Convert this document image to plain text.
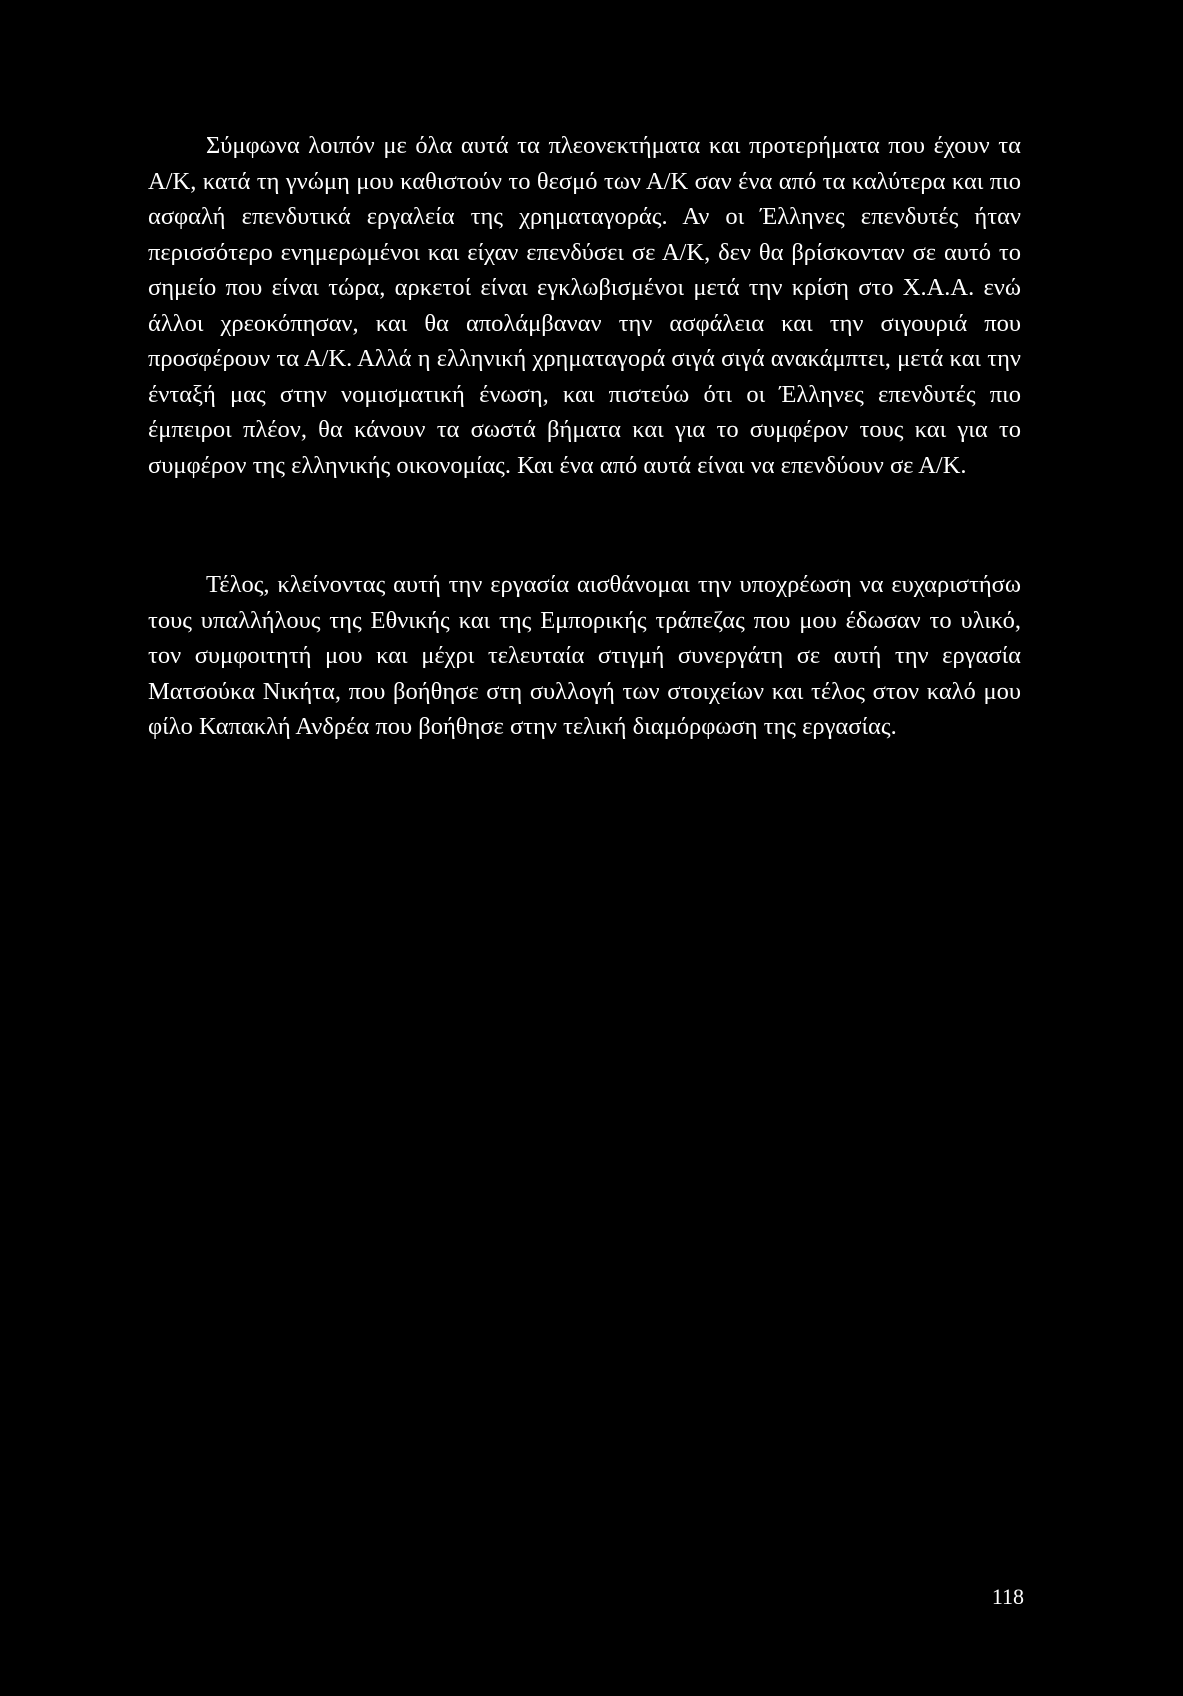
Σύμφωνα λοιπόν με όλα αυτά τα πλεονεκτήματα και προτερήματα που έχουν τα Α/Κ, κατά τη γνώμη μου καθιστούν το θεσμό των Α/Κ σαν ένα από τα καλύτερα και πιο ασφαλή επενδυτικά εργαλεία της χρηματαγοράς. Αν οι Έλληνες επενδυτές ήταν περισσότερο ενημερωμένοι και είχαν επενδύσει σε Α/Κ, δεν θα βρίσκονταν σε αυτό το σημείο που είναι τώρα, αρκετοί είναι εγκλωβισμένοι μετά την κρίση στο Χ.Α.Α. ενώ άλλοι χρεοκόπησαν, και θα απολάμβαναν την ασφάλεια και την σιγουριά που προσφέρουν τα Α/Κ. Αλλά η ελληνική χρηματαγορά σιγά σιγά ανακάμπτει, μετά και την ένταξή μας στην νομισματική ένωση, και πιστεύω ότι οι Έλληνες επενδυτές πιο έμπειροι πλέον, θα κάνουν τα σωστά βήματα και για το συμφέρον τους και για το συμφέρον της ελληνικής οικονομίας. Και ένα από αυτά είναι να επενδύουν σε Α/Κ.

Τέλος, κλείνοντας αυτή την εργασία αισθάνομαι την υποχρέωση να ευχαριστήσω τους υπαλλήλους της Εθνικής και της Εμπορικής τράπεζας που μου έδωσαν το υλικό, τον συμφοιτητή μου και μέχρι τελευταία στιγμή συνεργάτη σε αυτή την εργασία Ματσούκα Νικήτα, που βοήθησε στη συλλογή των στοιχείων και τέλος στον καλό μου φίλο Καπακλή Ανδρέα που βοήθησε στην τελική διαμόρφωση της εργασίας.

118
